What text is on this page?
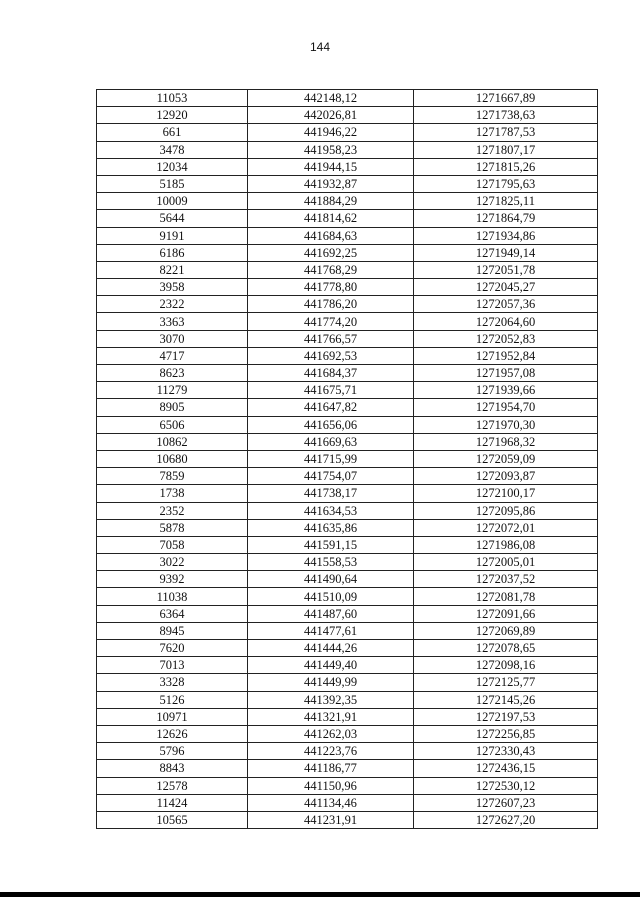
144
11053	442148,12	1271667,89
12920	442026,81	1271738,63
661	441946,22	1271787,53
3478	441958,23	1271807,17
12034	441944,15	1271815,26
5185	441932,87	1271795,63
10009	441884,29	1271825,11
5644	441814,62	1271864,79
9191	441684,63	1271934,86
6186	441692,25	1271949,14
8221	441768,29	1272051,78
3958	441778,80	1272045,27
2322	441786,20	1272057,36
3363	441774,20	1272064,60
3070	441766,57	1272052,83
4717	441692,53	1271952,84
8623	441684,37	1271957,08
11279	441675,71	1271939,66
8905	441647,82	1271954,70
6506	441656,06	1271970,30
10862	441669,63	1271968,32
10680	441715,99	1272059,09
7859	441754,07	1272093,87
1738	441738,17	1272100,17
2352	441634,53	1272095,86
5878	441635,86	1272072,01
7058	441591,15	1271986,08
3022	441558,53	1272005,01
9392	441490,64	1272037,52
11038	441510,09	1272081,78
6364	441487,60	1272091,66
8945	441477,61	1272069,89
7620	441444,26	1272078,65
7013	441449,40	1272098,16
3328	441449,99	1272125,77
5126	441392,35	1272145,26
10971	441321,91	1272197,53
12626	441262,03	1272256,85
5796	441223,76	1272330,43
8843	441186,77	1272436,15
12578	441150,96	1272530,12
11424	441134,46	1272607,23
10565	441231,91	1272627,20
